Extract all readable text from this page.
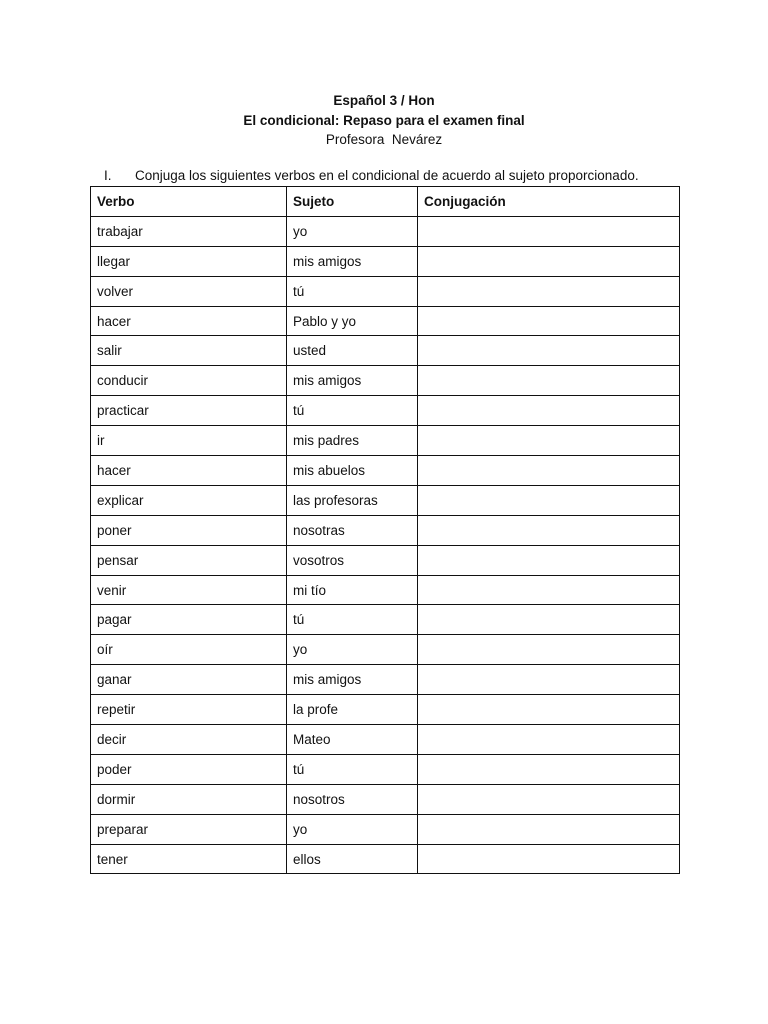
Español 3 / Hon
El condicional: Repaso para el examen final
Profesora  Nevárez
I. Conjuga los siguientes verbos en el condicional de acuerdo al sujeto proporcionado.
Verbo	Sujeto	Conjugación
trabajar	yo	
llegar	mis amigos	
volver	tú	
hacer	Pablo y yo	
salir	usted	
conducir	mis amigos	
practicar	tú	
ir	mis padres	
hacer	mis abuelos	
explicar	las profesoras	
poner	nosotras	
pensar	vosotros	
venir	mi tío	
pagar	tú	
oír	yo	
ganar	mis amigos	
repetir	la profe	
decir	Mateo	
poder	tú	
dormir	nosotros	
preparar	yo	
tener	ellos	
